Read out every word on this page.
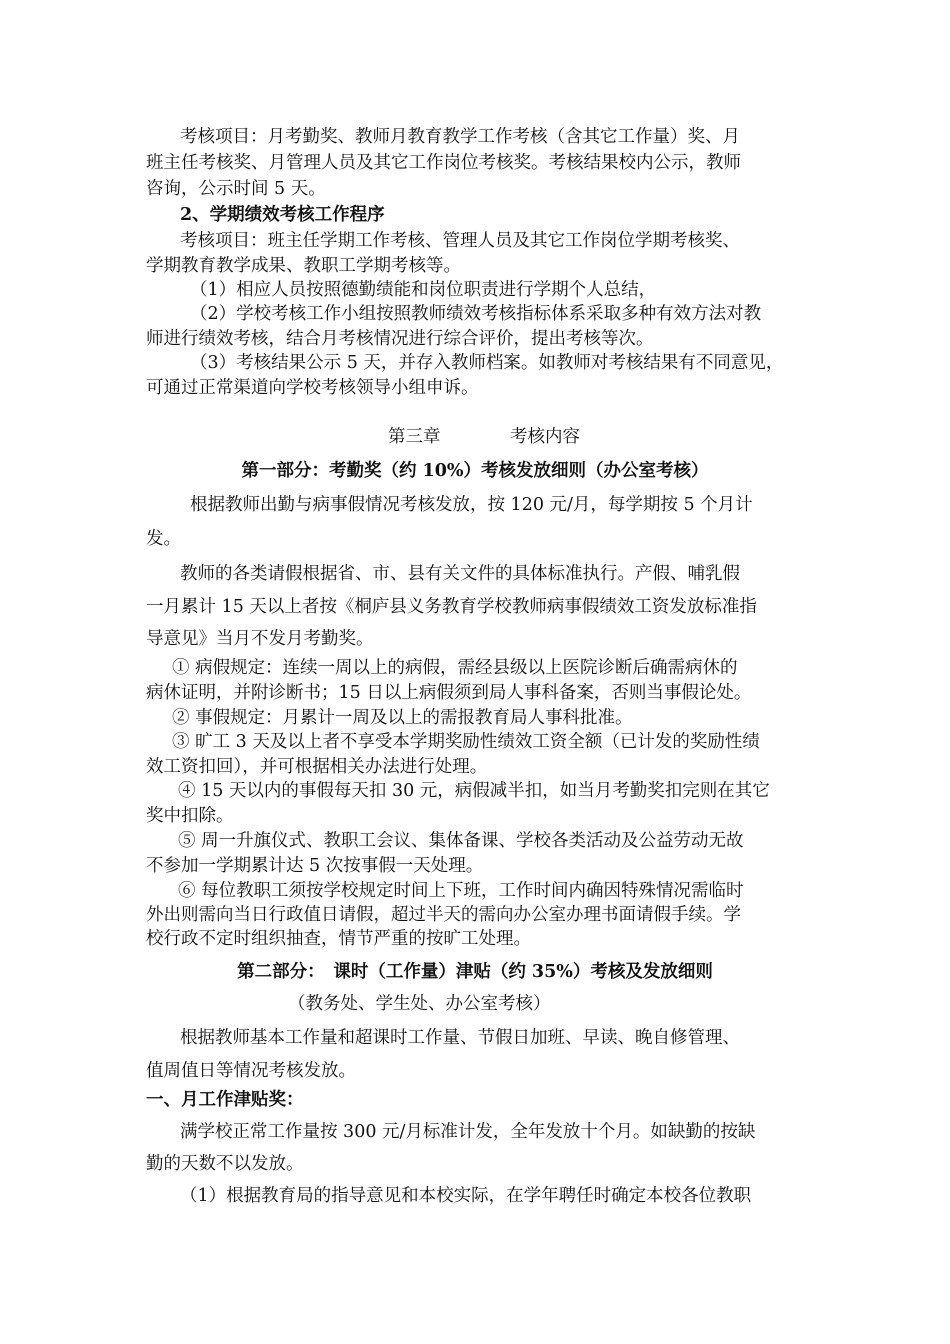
考核项目：月考勤奖、教师月教育教学工作考核（含其它工作量）奖、月
班主任考核奖、月管理人员及其它工作岗位考核奖。考核结果校内公示，教师
咨询，公示时间 5 天。
2、学期绩效考核工作程序
考核项目：班主任学期工作考核、管理人员及其它工作岗位学期考核奖、
学期教育教学成果、教职工学期考核等。
（1）相应人员按照德勤绩能和岗位职责进行学期个人总结，
（2）学校考核工作小组按照教师绩效考核指标体系采取多种有效方法对教
师进行绩效考核，结合月考核情况进行综合评价，提出考核等次。
（3）考核结果公示 5 天，并存入教师档案。如教师对考核结果有不同意见，
可通过正常渠道向学校考核领导小组申诉。
第三章	考核内容
第一部分：考勤奖（约 10%）考核发放细则（办公室考核）
根据教师出勤与病事假情况考核发放，按 120 元/月，每学期按 5 个月计
发。
教师的各类请假根据省、市、县有关文件的具体标准执行。产假、哺乳假
一月累计 15 天以上者按《桐庐县义务教育学校教师病事假绩效工资发放标准指
导意见》当月不发月考勤奖。
① 病假规定：连续一周以上的病假，需经县级以上医院诊断后确需病休的
病休证明，并附诊断书；15 日以上病假须到局人事科备案，否则当事假论处。
② 事假规定：月累计一周及以上的需报教育局人事科批准。
③ 旷工 3 天及以上者不享受本学期奖励性绩效工资全额（已计发的奖励性绩
效工资扣回），并可根据相关办法进行处理。
④ 15 天以内的事假每天扣 30 元，病假减半扣，如当月考勤奖扣完则在其它
奖中扣除。
⑤ 周一升旗仪式、教职工会议、集体备课、学校各类活动及公益劳动无故
不参加一学期累计达 5 次按事假一天处理。
⑥ 每位教职工须按学校规定时间上下班，工作时间内确因特殊情况需临时
外出则需向当日行政值日请假，超过半天的需向办公室办理书面请假手续。学
校行政不定时组织抽查，情节严重的按旷工处理。
第二部分：　课时（工作量）津贴（约 35%）考核及发放细则
（教务处、学生处、办公室考核）
根据教师基本工作量和超课时工作量、节假日加班、早读、晚自修管理、
值周值日等情况考核发放。
一、月工作津贴奖：
满学校正常工作量按 300 元/月标准计发，全年发放十个月。如缺勤的按缺
勤的天数不以发放。
（1）根据教育局的指导意见和本校实际，在学年聘任时确定本校各位教职
